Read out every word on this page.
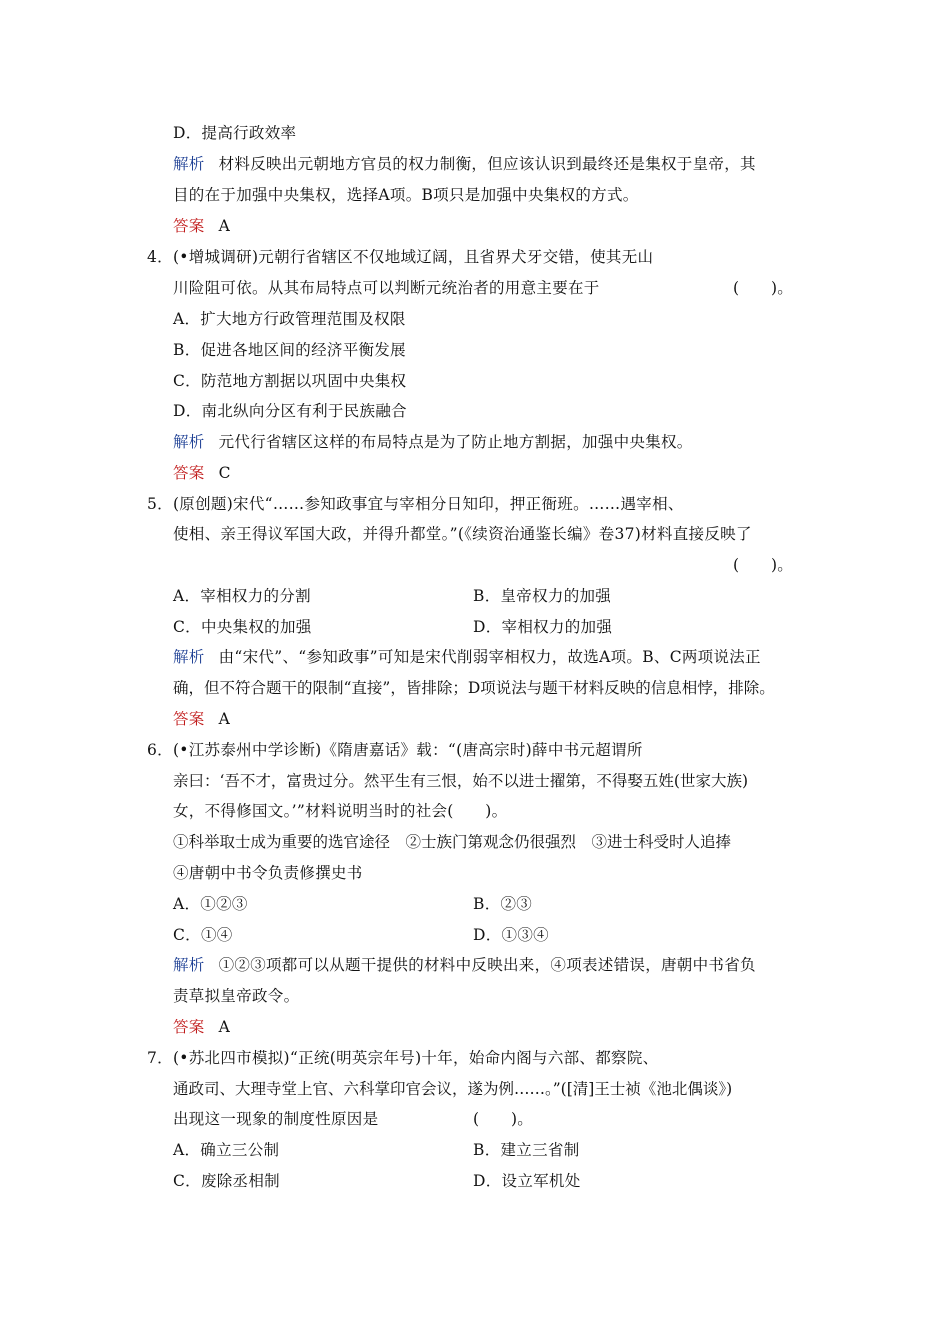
D．提高行政效率
解析 材料反映出元朝地方官员的权力制衡，但应该认识到最终还是集权于皇帝，其
目的在于加强中央集权，选择A项。B项只是加强中央集权的方式。
答案 A
4．(•增城调研)元朝行省辖区不仅地域辽阔，且省界犬牙交错，使其无山
川险阻可依。从其布局特点可以判断元统治者的用意主要在于	(　　)。
A．扩大地方行政管理范围及权限
B．促进各地区间的经济平衡发展
C．防范地方割据以巩固中央集权
D．南北纵向分区有利于民族融合
解析 元代行省辖区这样的布局特点是为了防止地方割据，加强中央集权。
答案 C
5．(原创题)宋代“……参知政事宜与宰相分日知印，押正衙班。……遇宰相、
使相、亲王得议军国大政，并得升都堂。”(《续资治通鉴长编》卷37)材料直接反映了
(　　)。
A．宰相权力的分割	B．皇帝权力的加强
C．中央集权的加强	D．宰相权力的加强
解析 由“宋代”、“参知政事”可知是宋代削弱宰相权力，故选A项。B、C两项说法正
确，但不符合题干的限制“直接”，皆排除；D项说法与题干材料反映的信息相悖，排除。
答案 A
6．(•江苏泰州中学诊断)《隋唐嘉话》载：“(唐高宗时)薛中书元超谓所
亲曰：‘吾不才，富贵过分。然平生有三恨，始不以进士擢第，不得娶五姓(世家大族)
女，不得修国文。’”材料说明当时的社会(　　)。
①科举取士成为重要的选官途径　②士族门第观念仍很强烈　③进士科受时人追捧
④唐朝中书令负责修撰史书
A．①②③	B．②③
C．①④	D．①③④
解析 ①②③项都可以从题干提供的材料中反映出来，④项表述错误，唐朝中书省负
责草拟皇帝政令。
答案 A
7．(•苏北四市模拟)“正统(明英宗年号)十年，始命内阁与六部、都察院、
通政司、大理寺堂上官、六科掌印官会议，遂为例……。”([清]王士祯《池北偶谈》)
出现这一现象的制度性原因是	(　　)。
A．确立三公制	B．建立三省制
C．废除丞相制	D．设立军机处
